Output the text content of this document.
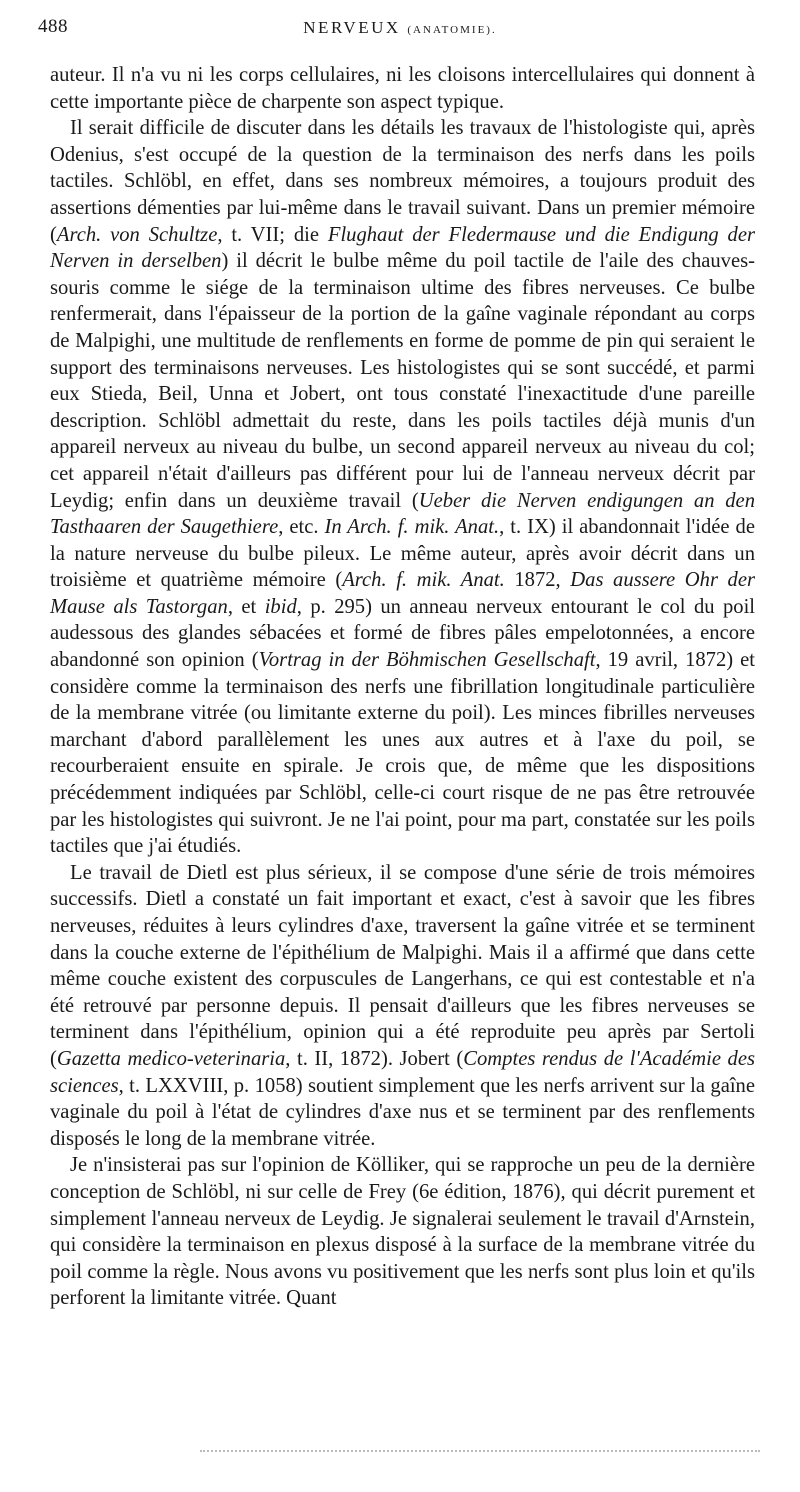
488	NERVEUX (ANATOMIE).

auteur. Il n'a vu ni les corps cellulaires, ni les cloisons intercellulaires qui donnent à cette importante pièce de charpente son aspect typique.

Il serait difficile de discuter dans les détails les travaux de l'histologiste qui, après Odenius, s'est occupé de la question de la terminaison des nerfs dans les poils tactiles. Schlöbl, en effet, dans ses nombreux mémoires, a toujours produit des assertions démenties par lui-même dans le travail suivant. Dans un premier mémoire (Arch. von Schultze, t. VII; die Flughaut der Fledermause und die Endigung der Nerven in derselben) il décrit le bulbe même du poil tactile de l'aile des chauves-souris comme le siége de la terminaison ultime des fibres nerveuses. Ce bulbe renfermerait, dans l'épaisseur de la portion de la gaîne vaginale répondant au corps de Malpighi, une multitude de renflements en forme de pomme de pin qui seraient le support des terminaisons nerveuses. Les histologistes qui se sont succédé, et parmi eux Stieda, Beil, Unna et Jobert, ont tous constaté l'inexactitude d'une pareille description. Schlöbl admettait du reste, dans les poils tactiles déjà munis d'un appareil nerveux au niveau du bulbe, un second appareil nerveux au niveau du col; cet appareil n'était d'ailleurs pas différent pour lui de l'anneau nerveux décrit par Leydig; enfin dans un deuxième travail (Ueber die Nerven endigungen an den Tasthaaren der Saugethiere, etc. In Arch. f. mik. Anat., t. IX) il abandonnait l'idée de la nature nerveuse du bulbe pileux. Le même auteur, après avoir décrit dans un troisième et quatrième mémoire (Arch. f. mik. Anat. 1872, Das aussere Ohr der Mause als Tastorgan, et ibid, p. 295) un anneau nerveux entourant le col du poil audessous des glandes sébacées et formé de fibres pâles empelotonnées, a encore abandonné son opinion (Vortrag in der Böhmischen Gesellschaft, 19 avril, 1872) et considère comme la terminaison des nerfs une fibrillation longitudinale particulière de la membrane vitrée (ou limitante externe du poil). Les minces fibrilles nerveuses marchant d'abord parallèlement les unes aux autres et à l'axe du poil, se recourberaient ensuite en spirale. Je crois que, de même que les dispositions précédemment indiquées par Schlöbl, celle-ci court risque de ne pas être retrouvée par les histologistes qui suivront. Je ne l'ai point, pour ma part, constatée sur les poils tactiles que j'ai étudiés.

Le travail de Dietl est plus sérieux, il se compose d'une série de trois mémoires successifs. Dietl a constaté un fait important et exact, c'est à savoir que les fibres nerveuses, réduites à leurs cylindres d'axe, traversent la gaîne vitrée et se terminent dans la couche externe de l'épithélium de Malpighi. Mais il a affirmé que dans cette même couche existent des corpuscules de Langerhans, ce qui est contestable et n'a été retrouvé par personne depuis. Il pensait d'ailleurs que les fibres nerveuses se terminent dans l'épithélium, opinion qui a été reproduite peu après par Sertoli (Gazetta medico-veterinaria, t. II, 1872). Jobert (Comptes rendus de l'Académie des sciences, t. LXXVIII, p. 1058) soutient simplement que les nerfs arrivent sur la gaîne vaginale du poil à l'état de cylindres d'axe nus et se terminent par des renflements disposés le long de la membrane vitrée.

Je n'insisterai pas sur l'opinion de Kölliker, qui se rapproche un peu de la dernière conception de Schlöbl, ni sur celle de Frey (6e édition, 1876), qui décrit purement et simplement l'anneau nerveux de Leydig. Je signalerai seulement le travail d'Arnstein, qui considère la terminaison en plexus disposé à la surface de la membrane vitrée du poil comme la règle. Nous avons vu positivement que les nerfs sont plus loin et qu'ils perforent la limitante vitrée. Quant
